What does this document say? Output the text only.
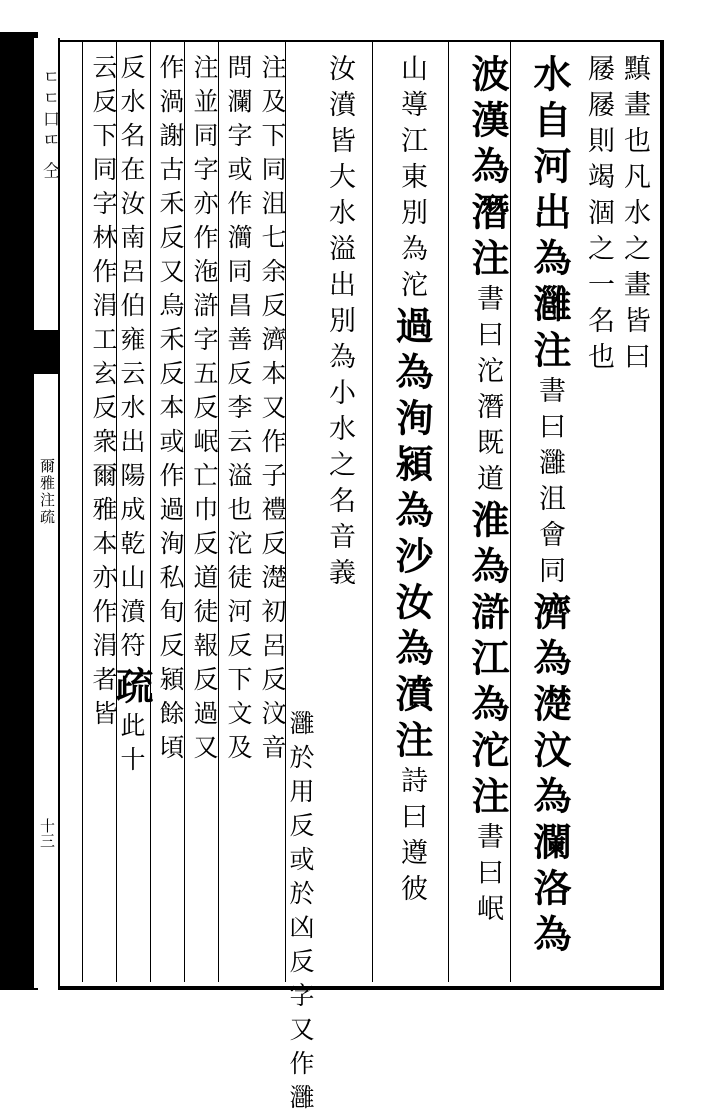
ㄷㄷ口ㄸ 仝
爾雅注疏
十三
黰畫也凡水之畫皆曰
㞜㞜則竭涸之一名也
水自河出為灉注書曰灉沮會同濟為濋汶為瀾洛為
波漢為潛注書曰沱潛既道淮為滸江為沱注書曰岷
山導江東別為沱過為洵潁為沙汝為濆注詩曰遵彼
汝濆皆大水溢出別為小水之名音義
灉於用反或於凶反字又作灉
注及下同沮七余反濟本又作子禮反濋初呂反汶音
問瀾字或作㶕同昌善反李云溢也沱徒河反下文及
注並同字亦作沲滸字五反岷亡巾反道徒報反過又
作渦謝古禾反又烏禾反本或作過洵私旬反潁餘頃
反水名在汝南呂伯雍云水出陽成乾山濆符疏此十
云反下同字林作涓工玄反衆爾雅本亦作涓者皆
